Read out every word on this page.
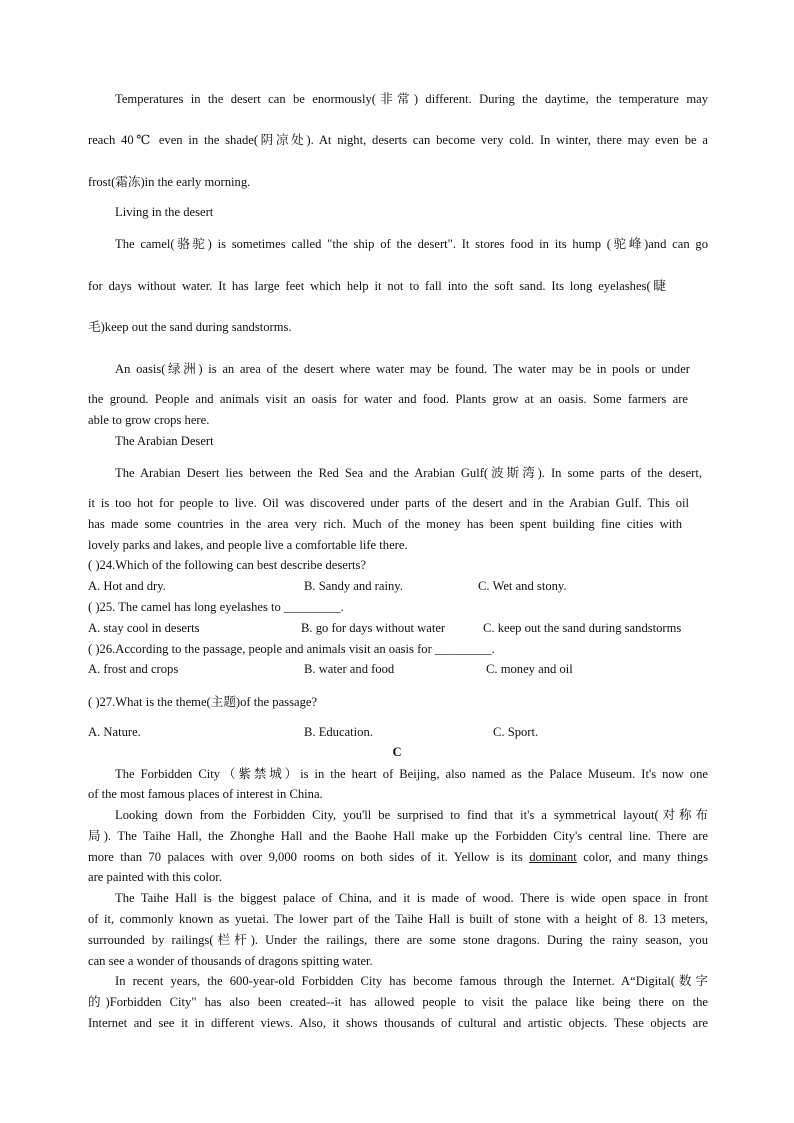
Temperatures in the desert can be enormously(非常) different. During the daytime, the temperature may
reach 40℃ even in the shade(阴凉处). At night, deserts can become very cold. In winter, there may even be a
frost(霜冻)in the early morning.
Living in the desert
The camel(骆驼) is sometimes called "the ship of the desert". It stores food in its hump (驼峰)and can go
for days without water. It has large feet which help it not to fall into the soft sand. Its long eyelashes(睫
毛)keep out the sand during sandstorms.
An oasis(绿洲) is an area of the desert where water may be found. The water may be in pools or under
the ground. People and animals visit an oasis for water and food. Plants grow at an oasis. Some farmers are
able to grow crops here.
The Arabian Desert
The Arabian Desert lies between the Red Sea and the Arabian Gulf(波斯湾). In some parts of the desert,
it is too hot for people to live. Oil was discovered under parts of the desert and in the Arabian Gulf. This oil
has made some countries in the area very rich. Much of the money has been spent building fine cities with
lovely parks and lakes, and people live a comfortable life there.
( )24.Which of the following can best describe deserts?
A. Hot and dry.	B. Sandy and rainy.	C. Wet and stony.
( )25. The camel has long eyelashes to _________.
A. stay cool in deserts	B. go for days without water	C. keep out the sand during sandstorms
( )26.According to the passage, people and animals visit an oasis for _________.
A. frost and crops	B. water and food	C. money and oil
( )27.What is the theme(主题)of the passage?
A. Nature.	B. Education.	C. Sport.
C
The Forbidden City（紫禁城）is in the heart of Beijing, also named as the Palace Museum. It's now one
of the most famous places of interest in China.
Looking down from the Forbidden City, you'll be surprised to find that it's a symmetrical layout(对称布
局). The Taihe Hall, the Zhonghe Hall and the Baohe Hall make up the Forbidden City's central line. There are
more than 70 palaces with over 9,000 rooms on both sides of it. Yellow is its dominant color, and many things
are painted with this color.
The Taihe Hall is the biggest palace of China, and it is made of wood. There is wide open space in front
of it, commonly known as yuetai. The lower part of the Taihe Hall is built of stone with a height of 8. 13 meters,
surrounded by railings(栏杆). Under the railings, there are some stone dragons. During the rainy season, you
can see a wonder of thousands of dragons spitting water.
In recent years, the 600-year-old Forbidden City has become famous through the Internet. A“Digital(数字
的)Forbidden City" has also been created--it has allowed people to visit the palace like being there on the
Internet and see it in different views. Also, it shows thousands of cultural and artistic objects. These objects are
